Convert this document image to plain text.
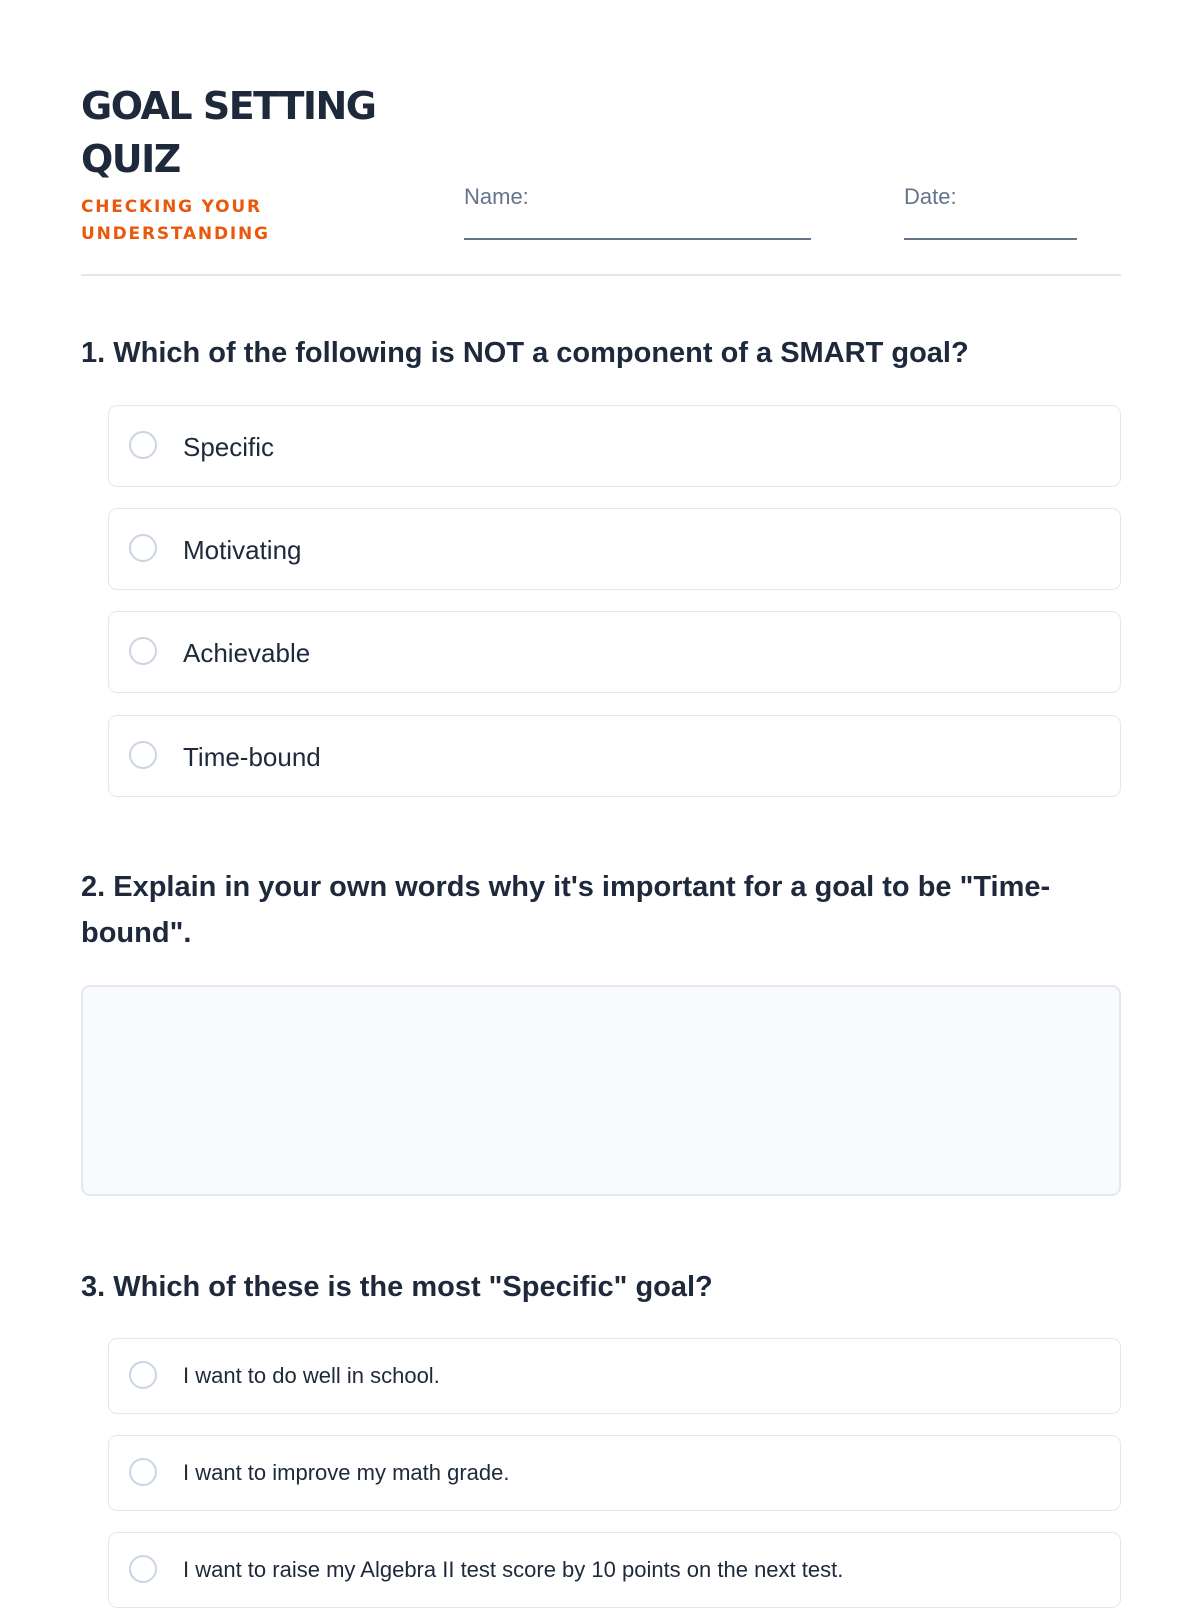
GOAL SETTING QUIZ
CHECKING YOUR UNDERSTANDING
Name:	Date:
1. Which of the following is NOT a component of a SMART goal?
Specific
Motivating
Achievable
Time-bound
2. Explain in your own words why it's important for a goal to be "Time-bound".
3. Which of these is the most "Specific" goal?
I want to do well in school.
I want to improve my math grade.
I want to raise my Algebra II test score by 10 points on the next test.
